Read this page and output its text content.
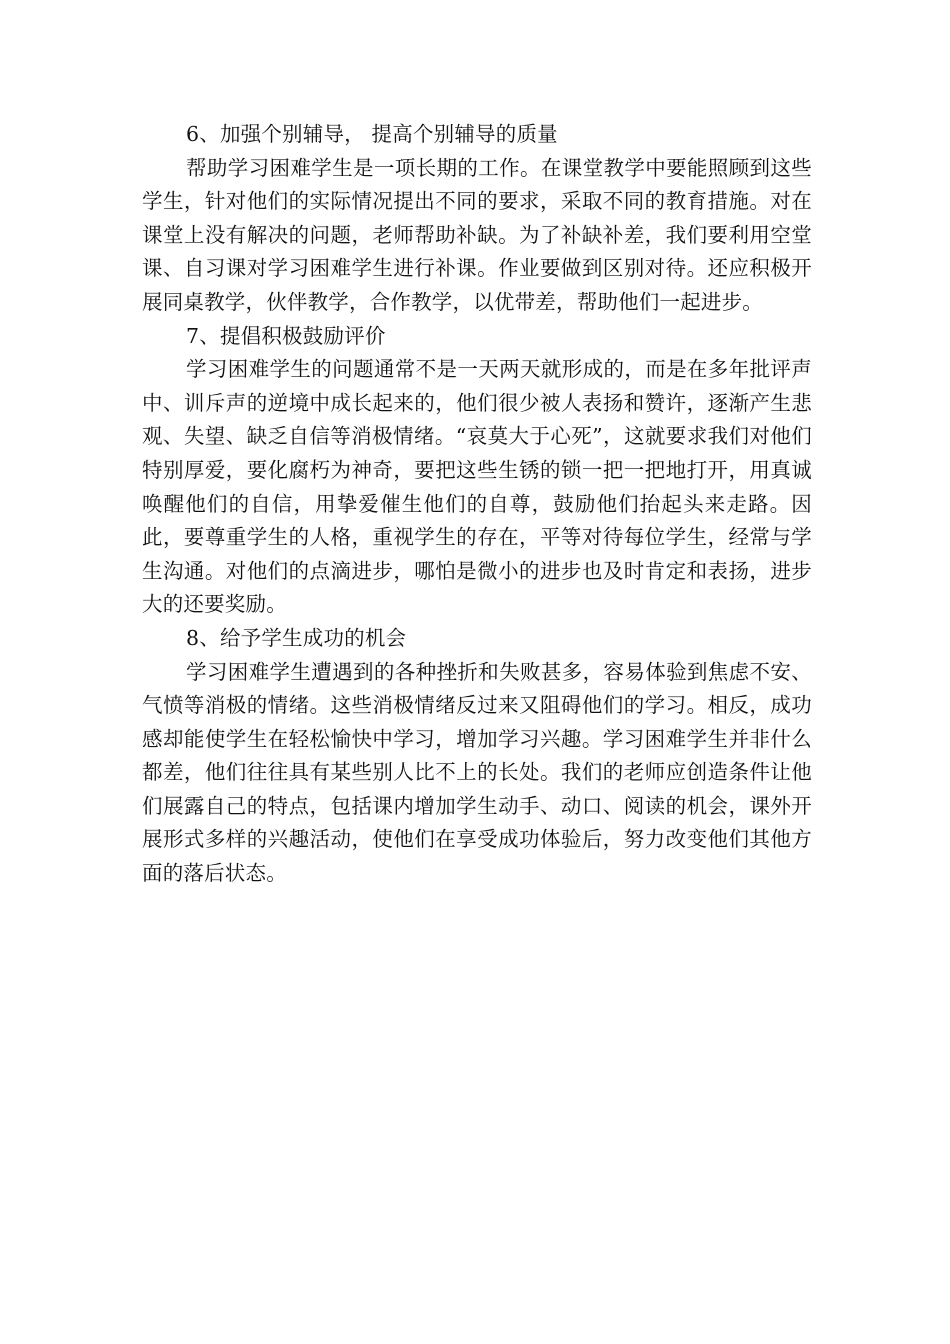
6、加强个别辅导， 提高个别辅导的质量

帮助学习困难学生是一项长期的工作。在课堂教学中要能照顾到这些学生，针对他们的实际情况提出不同的要求，采取不同的教育措施。对在课堂上没有解决的问题，老师帮助补缺。为了补缺补差，我们要利用空堂课、自习课对学习困难学生进行补课。作业要做到区别对待。还应积极开展同桌教学，伙伴教学，合作教学，以优带差，帮助他们一起进步。

7、提倡积极鼓励评价

学习困难学生的问题通常不是一天两天就形成的，而是在多年批评声中、训斥声的逆境中成长起来的，他们很少被人表扬和赞许，逐渐产生悲观、失望、缺乏自信等消极情绪。“哀莫大于心死”，这就要求我们对他们特别厚爱，要化腐朽为神奇，要把这些生锈的锁一把一把地打开，用真诚唤醒他们的自信，用挚爱催生他们的自尊，鼓励他们抬起头来走路。因此，要尊重学生的人格，重视学生的存在，平等对待每位学生，经常与学生沟通。对他们的点滴进步，哪怕是微小的进步也及时肯定和表扬，进步大的还要奖励。

8、给予学生成功的机会

学习困难学生遭遇到的各种挫折和失败甚多，容易体验到焦虑不安、气愤等消极的情绪。这些消极情绪反过来又阻碍他们的学习。相反，成功感却能使学生在轻松愉快中学习，增加学习兴趣。学习困难学生并非什么都差，他们往往具有某些别人比不上的长处。我们的老师应创造条件让他们展露自己的特点，包括课内增加学生动手、动口、阅读的机会，课外开展形式多样的兴趣活动，使他们在享受成功体验后，努力改变他们其他方面的落后状态。
